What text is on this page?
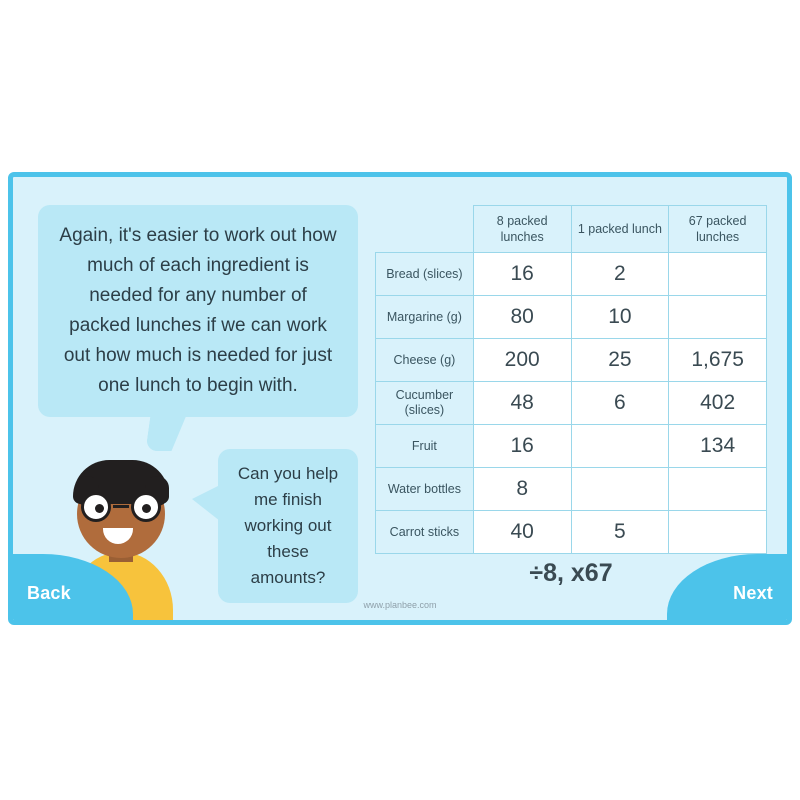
Again, it's easier to work out how much of each ingredient is needed for any number of packed lunches if we can work out how much is needed for just one lunch to begin with.
Can you help me finish working out these amounts?
	8 packed lunches	1 packed lunch	67 packed lunches
Bread (slices)	16	2	
Margarine (g)	80	10	
Cheese (g)	200	25	1,675
Cucumber (slices)	48	6	402
Fruit	16		134
Water bottles	8		
Carrot sticks	40	5	
÷8, x67
Back	Next
www.planbee.com
